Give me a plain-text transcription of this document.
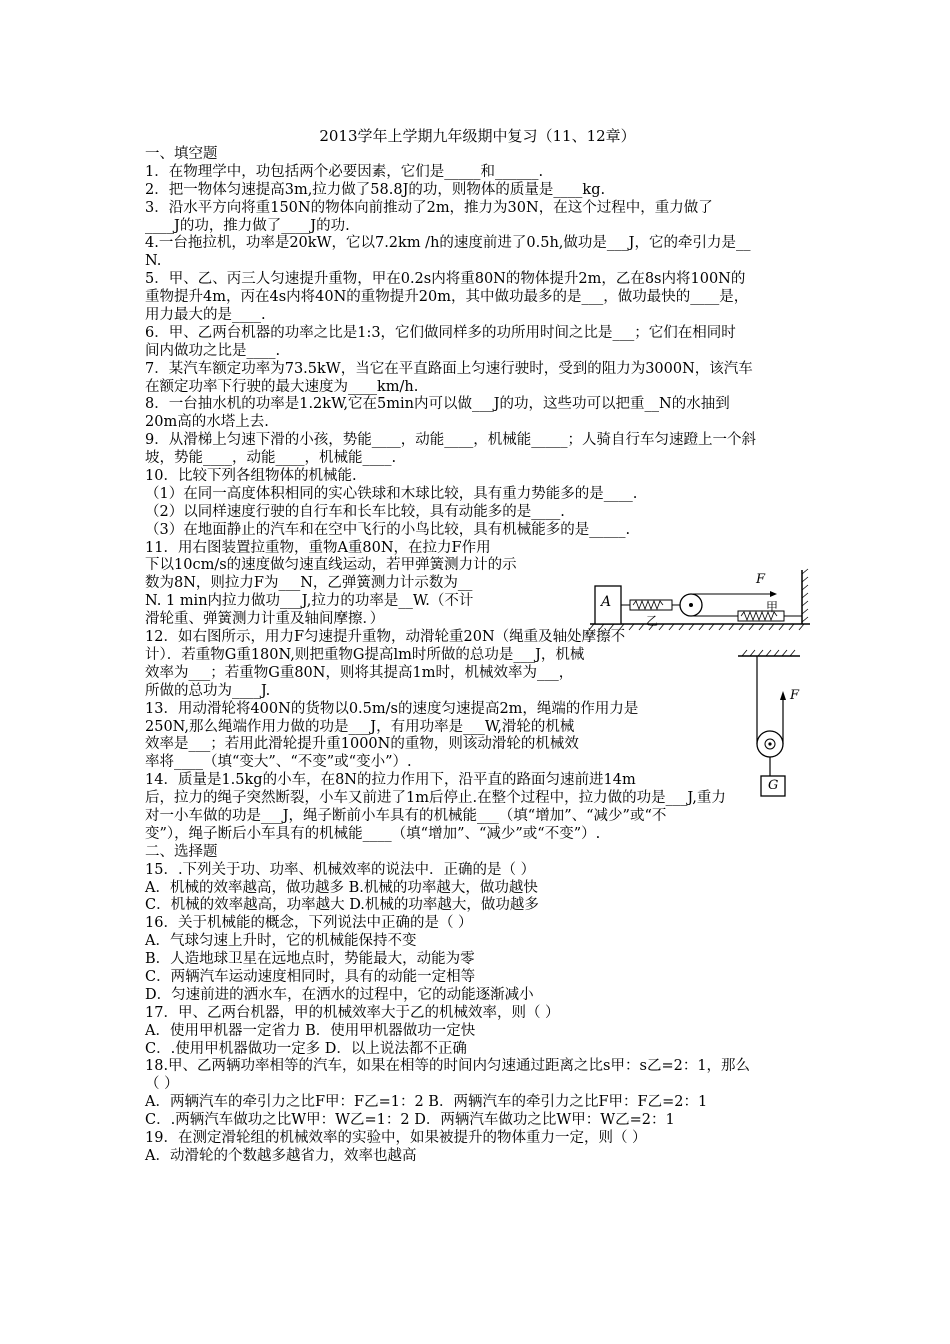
2013学年上学期九年级期中复习（11、12章）
一、填空题
1．在物理学中，功包括两个必要因素，它们是_____和______.
2．把一物体匀速提高3m,拉力做了58.8J的功，则物体的质量是____kg.
3．沿水平方向将重150N的物体向前推动了2m，推力为30N，在这个过程中，重力做了
____J的功，推力做了____J的功.
4.一台拖拉机，功率是20kW，它以7.2km /h的速度前进了0.5h,做功是___J，它的牵引力是__
N.
5．甲、乙、丙三人匀速提升重物，甲在0.2s内将重80N的物体提升2m，乙在8s内将100N的
重物提升4m，丙在4s内将40N的重物提升20m，其中做功最多的是___，做功最快的____是，
用力最大的是____.
6．甲、乙两台机器的功率之比是1:3，它们做同样多的功所用时间之比是___；它们在相同时
间内做功之比是____.
7．某汽车额定功率为73.5kW，当它在平直路面上匀速行驶时，受到的阻力为3000N，该汽车
在额定功率下行驶的最大速度为____km/h.
8．一台抽水机的功率是1.2kW,它在5min内可以做___J的功，这些功可以把重__N的水抽到
20m高的水塔上去.
9．从滑梯上匀速下滑的小孩，势能____，动能____，机械能_____；人骑自行车匀速蹬上一个斜
坡，势能____，动能____，机械能____.
10．比较下列各组物体的机械能.
（1）在同一高度体积相同的实心铁球和木球比较，具有重力势能多的是____.
（2）以同样速度行驶的自行车和长车比较，具有动能多的是____.
（3）在地面静止的汽车和在空中飞行的小鸟比较，具有机械能多的是_____.
11．用右图装置拉重物，重物A重80N，在拉力F作用
下以10cm/s的速度做匀速直线运动，若甲弹簧测力计的示
数为8N，则拉力F为___N，乙弹簧测力计示数为__
N. 1 min内拉力做功___J,拉力的功率是__W.（不计
滑轮重、弹簧测力计重及轴间摩擦．）
12．如右图所示，用力F匀速提升重物，动滑轮重20N（绳重及轴处摩擦不
计）．若重物G重180N,则把重物G提高lm时所做的总功是___J，机械
效率为___；若重物G重80N，则将其提高1m时，机械效率为___，
所做的总功为____J.
13．用动滑轮将400N的货物以0.5m/s的速度匀速提高2m，绳端的作用力是
250N,那么绳端作用力做的功是___J，有用功率是___W,滑轮的机械
效率是___；若用此滑轮提升重1000N的重物，则该动滑轮的机械效
率将____（填“变大”、“不变”或“变小”）.
14．质量是1.5kg的小车，在8N的拉力作用下，沿平直的路面匀速前进14m
后，拉力的绳子突然断裂，小车又前进了1m后停止.在整个过程中，拉力做的功是___J,重力
对一小车做的功是___J，绳子断前小车具有的机械能___（填“增加”、“减少”或“不
变”），绳子断后小车具有的机械能____（填“增加”、“减少”或“不变”）.
二、选择题
15．.下列关于功、功率、机械效率的说法中．正确的是（ ）
A．机械的效率越高，做功越多 B.机械的功率越大，做功越快
C．机械的效率越高，功率越大 D.机械的功率越大，做功越多
16．关于机械能的概念，下列说法中正确的是（ ）
A．气球匀速上升时，它的机械能保持不变
B．人造地球卫星在远地点时，势能最大，动能为零
C．两辆汽车运动速度相同时，具有的动能一定相等
D．匀速前进的洒水车，在洒水的过程中，它的动能逐渐减小
17．甲、乙两台机器，甲的机械效率大于乙的机械效率，则（ ）
A．使用甲机器一定省力 B．使用甲机器做功一定快
C．.使用甲机器做功一定多 D．以上说法都不正确
18.甲、乙两辆功率相等的汽车，如果在相等的时间内匀速通过距离之比s甲：s乙=2：1，那么
（ ）
A．两辆汽车的牵引力之比F甲：F乙=1：2 B．两辆汽车的牵引力之比F甲：F乙=2：1
C．.两辆汽车做功之比W甲：W乙=1：2 D．两辆汽车做功之比W甲：W乙=2：1
19．在测定滑轮组的机械效率的实验中，如果被提升的物体重力一定，则（ ）
A．动滑轮的个数越多越省力，效率也越高
A
乙
F
甲
F
G
